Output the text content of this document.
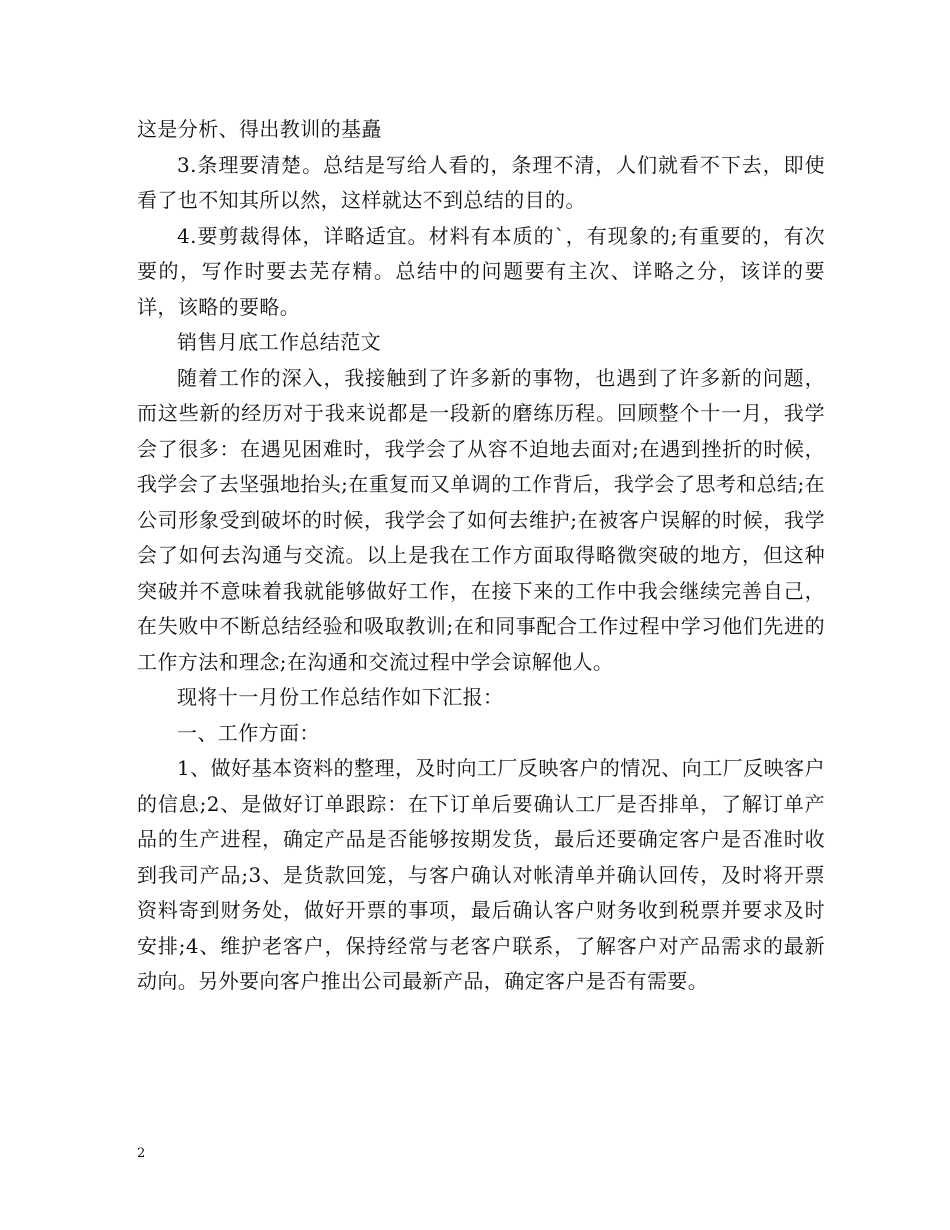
这是分析、得出教训的基矗

3.条理要清楚。总结是写给人看的，条理不清，人们就看不下去，即使看了也不知其所以然，这样就达不到总结的目的。

4.要剪裁得体，详略适宜。材料有本质的`，有现象的;有重要的，有次要的，写作时要去芜存精。总结中的问题要有主次、详略之分，该详的要详，该略的要略。

销售月底工作总结范文

随着工作的深入，我接触到了许多新的事物，也遇到了许多新的问题，而这些新的经历对于我来说都是一段新的磨练历程。回顾整个十一月，我学会了很多：在遇见困难时，我学会了从容不迫地去面对;在遇到挫折的时候，我学会了去坚强地抬头;在重复而又单调的工作背后，我学会了思考和总结;在公司形象受到破坏的时候，我学会了如何去维护;在被客户误解的时候，我学会了如何去沟通与交流。以上是我在工作方面取得略微突破的地方，但这种突破并不意味着我就能够做好工作，在接下来的工作中我会继续完善自己，在失败中不断总结经验和吸取教训;在和同事配合工作过程中学习他们先进的工作方法和理念;在沟通和交流过程中学会谅解他人。

现将十一月份工作总结作如下汇报：

一、工作方面：

1、做好基本资料的整理，及时向工厂反映客户的情况、向工厂反映客户的信息;2、是做好订单跟踪：在下订单后要确认工厂是否排单，了解订单产品的生产进程，确定产品是否能够按期发货，最后还要确定客户是否准时收到我司产品;3、是货款回笼，与客户确认对帐清单并确认回传，及时将开票资料寄到财务处，做好开票的事项，最后确认客户财务收到税票并要求及时安排;4、维护老客户，保持经常与老客户联系，了解客户对产品需求的最新动向。另外要向客户推出公司最新产品，确定客户是否有需要。

2
